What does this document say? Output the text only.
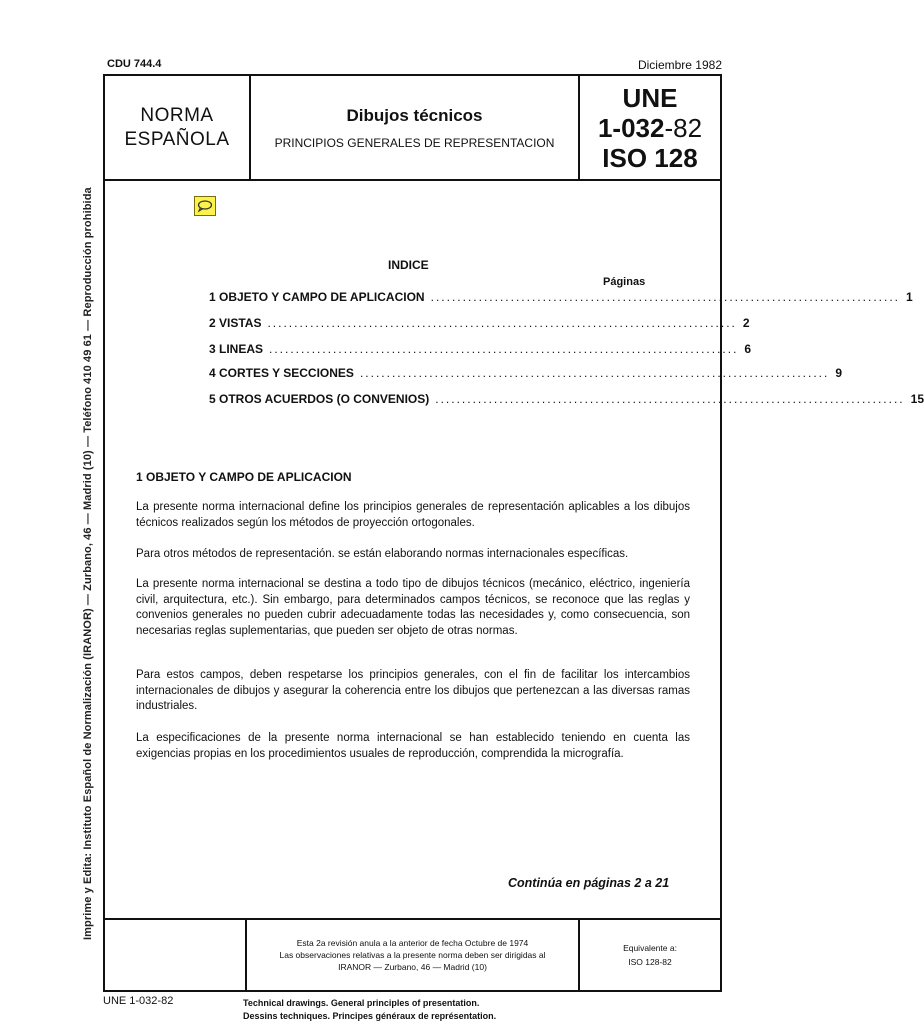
Imprime y Edita: Instituto Español de Normalización (IRANOR) — Zurbano, 46 — Madrid (10) — Teléfono 410 49 61 — Reproducción prohibida
CDU 744.4	Diciembre 1982
NORMA
ESPAÑOLA
Dibujos técnicos
PRINCIPIOS GENERALES DE REPRESENTACION
UNE
1-032-82
ISO 128
INDICE
Páginas
1 OBJETO Y CAMPO DE APLICACION ........................................................................................ 1
2 VISTAS ........................................................................................ 2
3 LINEAS ........................................................................................ 6
4 CORTES Y SECCIONES ........................................................................................ 9
5 OTROS ACUERDOS (O CONVENIOS) ........................................................................................ 15
1 OBJETO Y CAMPO DE APLICACION
La presente norma internacional define los principios generales de representación aplicables a los dibujos técnicos realizados según los métodos de proyección ortogonales.
Para otros métodos de representación. se están elaborando normas internacionales específicas.
La presente norma internacional se destina a todo tipo de dibujos técnicos (mecánico, eléctrico, ingeniería civil, arquitectura, etc.). Sin embargo, para determinados campos técnicos, se reconoce que las reglas y convenios generales no pueden cubrir adecuadamente todas las necesidades y, como consecuencia, son necesarias reglas suplementarias, que pueden ser objeto de otras normas.
Para estos campos, deben respetarse los principios generales, con el fin de facilitar los intercambios internacionales de dibujos y asegurar la coherencia entre los dibujos que pertenezcan a las diversas ramas industriales.
La especificaciones de la presente norma internacional se han establecido teniendo en cuenta las exigencias propias en los procedimientos usuales de reproducción, comprendida la micrografía.
Continúa en páginas 2 a 21
Esta 2a revisión anula a la anterior de fecha Octubre de 1974
Las observaciones relativas a la presente norma deben ser dirigidas al
IRANOR — Zurbano, 46 — Madrid (10)
Equivalente a:
ISO 128-82
UNE 1-032-82	Technical drawings. General principles of presentation.
Dessins techniques. Principes généraux de représentation.
